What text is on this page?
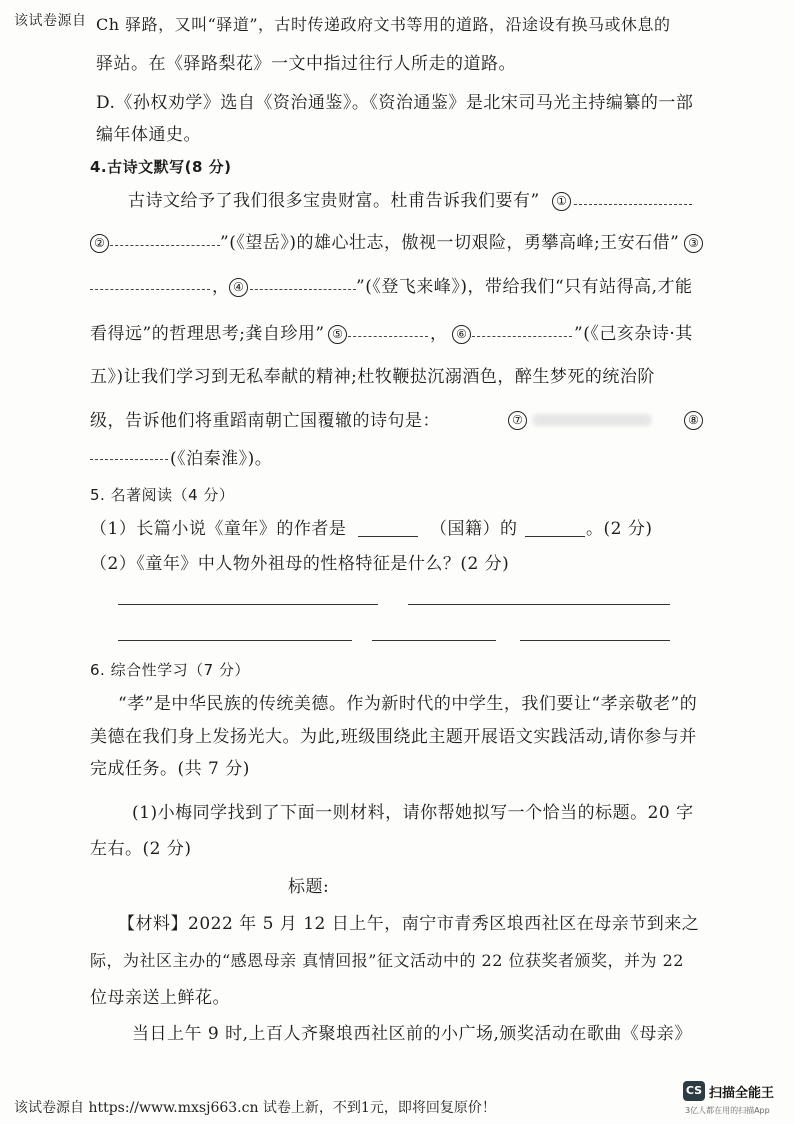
该试卷源自 Ch 驿路，又叫“驿道”，古时传递政府文书等用的道路，沿途设有换马或休息的
驿站。在《驿路梨花》一文中指过往行人所走的道路。
D.《孙权劝学》选自《资治通鉴》。《资治通鉴》是北宋司马光主持编纂的一部
编年体通史。
4.古诗文默写(8 分)
古诗文给予了我们很多宝贵财富。杜甫告诉我们要有”	①
②	”(《望岳》)的雄心壮志，傲视一切艰险，勇攀高峰;王安石借” ③
， ④	”(《登飞来峰》)，带给我们“只有站得高,才能
看得远”的哲理思考;龚自珍用” ⑤	， ⑥	”(《己亥杂诗·其
五》)让我们学习到无私奉献的精神;杜牧鞭挞沉溺酒色，醉生梦死的统治阶
级，告诉他们将重蹈南朝亡国覆辙的诗句是：	⑦	⑧
(《泊秦淮》)。
5. 名著阅读（4 分）
（1）长篇小说《童年》的作者是	（国籍）的	。(2 分)
（2）《童年》中人物外祖母的性格特征是什么？(2 分)
6. 综合性学习（7 分）
“孝”是中华民族的传统美德。作为新时代的中学生，我们要让“孝亲敬老”的
美德在我们身上发扬光大。为此,班级围绕此主题开展语文实践活动,请你参与并
完成任务。(共 7 分)
(1)小梅同学找到了下面一则材料，请你帮她拟写一个恰当的标题。20 字
左右。(2 分)
标题:
【材料】2022 年 5 月 12 日上午，南宁市青秀区埌西社区在母亲节到来之
际，为社区主办的“感恩母亲 真情回报”征文活动中的 22 位获奖者颁奖，并为 22
位母亲送上鲜花。
当日上午 9 时,上百人齐聚埌西社区前的小广场,颁奖活动在歌曲《母亲》
该试卷源自 https://www.mxsj663.cn 试卷上新，不到1元，即将回复原价！
CS 扫描全能王
3亿人都在用的扫描App
